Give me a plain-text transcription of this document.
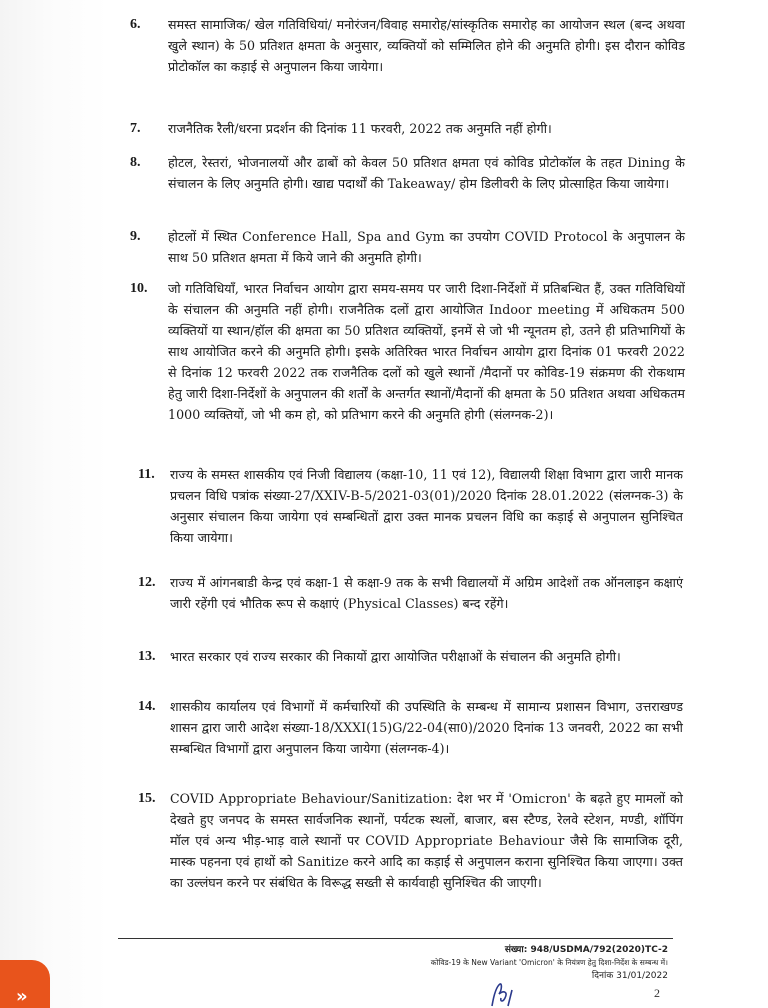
6.	समस्त सामाजिक/ खेल गतिविधियां/ मनोरंजन/विवाह समारोह/सांस्कृतिक समारोह का आयोजन स्थल (बन्द अथवा खुले स्थान) के 50 प्रतिशत क्षमता के अनुसार, व्यक्तियों को सम्मिलित होने की अनुमति होगी। इस दौरान कोविड प्रोटोकॉल का कड़ाई से अनुपालन किया जायेगा।
7.	राजनैतिक रैली/धरना प्रदर्शन की दिनांक 11 फरवरी, 2022 तक अनुमति नहीं होगी।
8.	होटल, रेस्तरां, भोजनालयों और ढाबों को केवल 50 प्रतिशत क्षमता एवं कोविड प्रोटोकॉल के तहत Dining के संचालन के लिए अनुमति होगी। खाद्य पदार्थों की Takeaway/ होम डिलीवरी के लिए प्रोत्साहित किया जायेगा।
9.	होटलों में स्थित Conference Hall, Spa and Gym का उपयोग COVID Protocol के अनुपालन के साथ 50 प्रतिशत क्षमता में किये जाने की अनुमति होगी।
10.	जो गतिविधियॉं, भारत निर्वाचन आयोग द्वारा समय-समय पर जारी दिशा-निर्देशों में प्रतिबन्धित हैं, उक्त गतिविधियों के संचालन की अनुमति नहीं होगी। राजनैतिक दलों द्वारा आयोजित Indoor meeting में अधिकतम 500 व्यक्तियों या स्थान/हॉल की क्षमता का 50 प्रतिशत व्यक्तियों, इनमें से जो भी न्यूनतम हो, उतने ही प्रतिभागियों के साथ आयोजित करने की अनुमति होगी। इसके अतिरिक्त भारत निर्वाचन आयोग द्वारा दिनांक 01 फरवरी 2022 से दिनांक 12 फरवरी 2022 तक राजनैतिक दलों को खुले स्थानों /मैदानों पर कोविड-19 संक्रमण की रोकथाम हेतु जारी दिशा-निर्देशों के अनुपालन की शर्तों के अन्तर्गत स्थानों/मैदानों की क्षमता के 50 प्रतिशत अथवा अधिकतम 1000 व्यक्तियों, जो भी कम हो, को प्रतिभाग करने की अनुमति होगी (संलग्नक-2)।
11.	राज्य के समस्त शासकीय एवं निजी विद्यालय (कक्षा-10, 11 एवं 12), विद्यालयी शिक्षा विभाग द्वारा जारी मानक प्रचलन विधि पत्रांक संख्या-27/XXIV-B-5/2021-03(01)/2020 दिनांक 28.01.2022 (संलग्नक-3) के अनुसार संचालन किया जायेगा एवं सम्बन्धितों द्वारा उक्त मानक प्रचलन विधि का कड़ाई से अनुपालन सुनिश्चित किया जायेगा।
12.	राज्य में आंगनबाडी केन्द्र एवं कक्षा-1 से कक्षा-9 तक के सभी विद्यालयों में अग्रिम आदेशों तक ऑनलाइन कक्षाएं जारी रहेंगी एवं भौतिक रूप से कक्षाएं (Physical Classes) बन्द रहेंगे।
13.	भारत सरकार एवं राज्य सरकार की निकायों द्वारा आयोजित परीक्षाओं के संचालन की अनुमति होगी।
14.	शासकीय कार्यालय एवं विभागों में कर्मचारियों की उपस्थिति के सम्बन्ध में सामान्य प्रशासन विभाग, उत्तराखण्ड शासन द्वारा जारी आदेश संख्या-18/XXXI(15)G/22-04(सा0)/2020 दिनांक 13 जनवरी, 2022 का सभी सम्बन्धित विभागों द्वारा अनुपालन किया जायेगा (संलग्नक-4)।
15.	COVID Appropriate Behaviour/Sanitization: देश भर में 'Omicron' के बढ़ते हुए मामलों को देखते हुए जनपद के समस्त सार्वजनिक स्थानों, पर्यटक स्थलों, बाजार, बस स्टैण्ड, रेलवे स्टेशन, मण्डी, शॉपिंग मॉल एवं अन्य भीड़-भाड़ वाले स्थानों पर COVID Appropriate Behaviour जैसे कि सामाजिक दूरी, मास्क पहनना एवं हाथों को Sanitize करने आदि का कड़ाई से अनुपालन कराना सुनिश्चित किया जाएगा। उक्त का उल्लंघन करने पर संबंधित के विरूद्ध सख्ती से कार्यवाही सुनिश्चित की जाएगी।
संख्या: 948/USDMA/792(2020)TC-2
कोविड-19 के New Variant 'Omicron' के नियंत्रण हेतु दिशा-निर्देश के सम्बन्ध में।
दिनांक 31/01/2022
2
»
